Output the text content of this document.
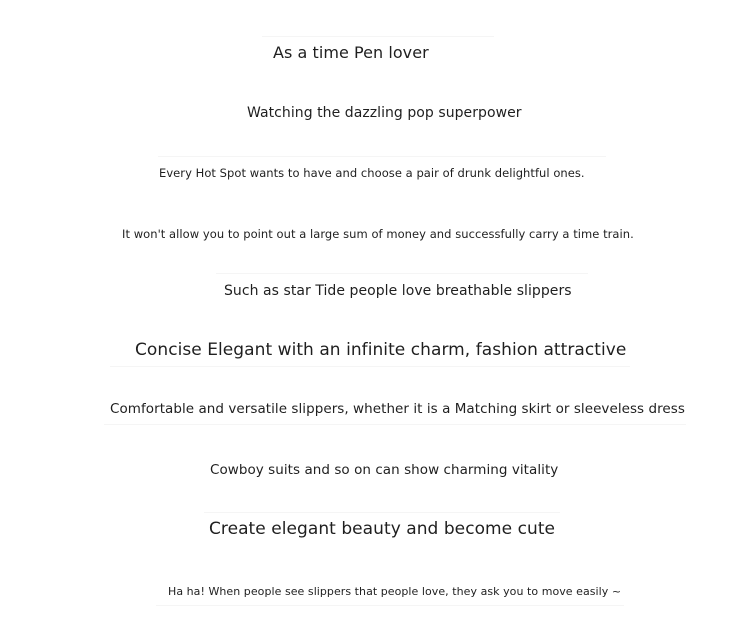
As a time Pen lover
Watching the dazzling pop superpower
Every Hot Spot wants to have and choose a pair of drunk delightful ones.
It won't allow you to point out a large sum of money and successfully carry a time train.
Such as star Tide people love breathable slippers
Concise Elegant with an infinite charm, fashion attractive
Comfortable and versatile slippers, whether it is a Matching skirt or sleeveless dress
Cowboy suits and so on can show charming vitality
Create elegant beauty and become cute
Ha ha! When people see slippers that people love, they ask you to move easily ~
